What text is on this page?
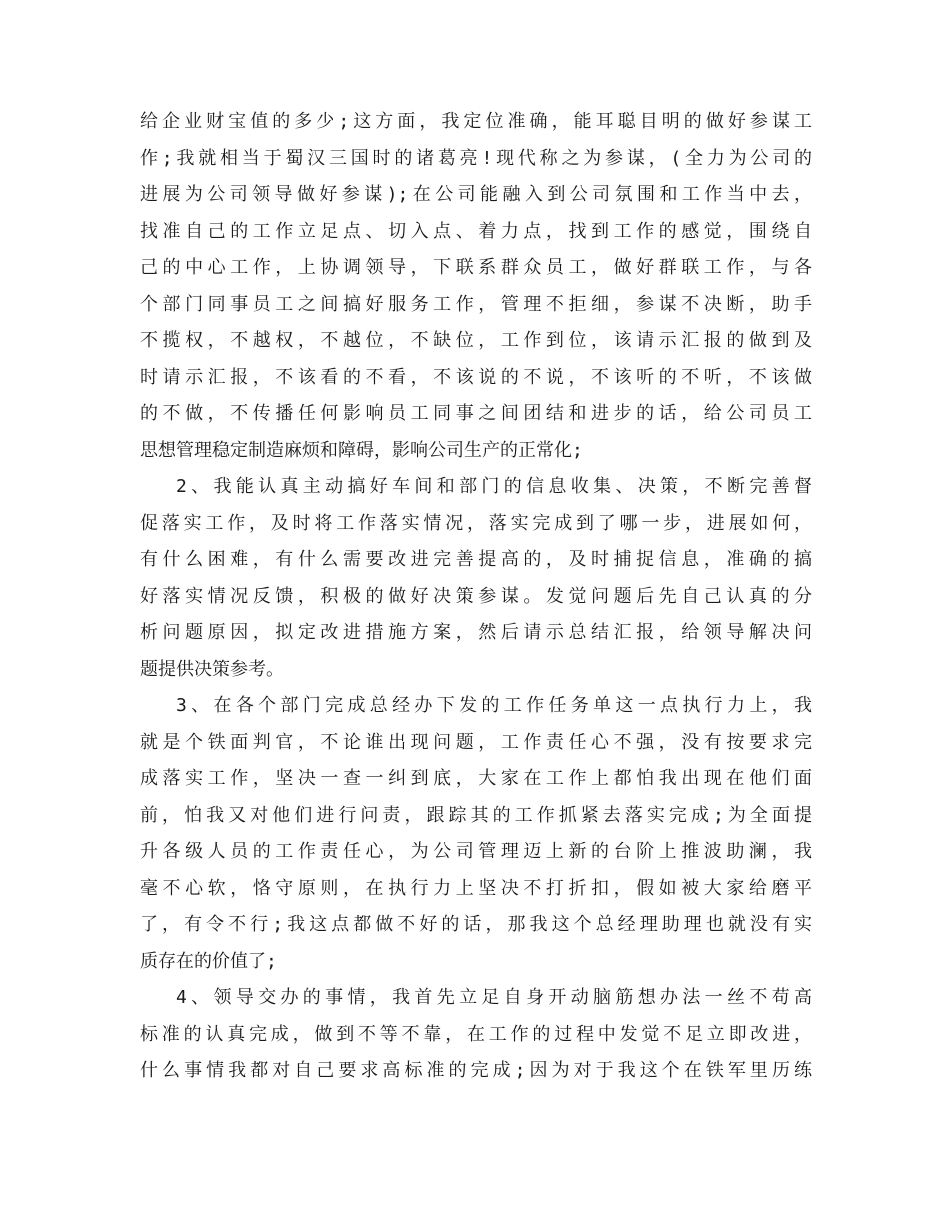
给企业财宝值的多少;这方面，我定位准确，能耳聪目明的做好参谋工
作;我就相当于蜀汉三国时的诸葛亮!现代称之为参谋，(全力为公司的
进展为公司领导做好参谋);在公司能融入到公司氛围和工作当中去，
找准自己的工作立足点、切入点、着力点，找到工作的感觉，围绕自
己的中心工作，上协调领导，下联系群众员工，做好群联工作，与各
个部门同事员工之间搞好服务工作，管理不拒细，参谋不决断，助手
不揽权，不越权，不越位，不缺位，工作到位，该请示汇报的做到及
时请示汇报，不该看的不看，不该说的不说，不该听的不听，不该做
的不做，不传播任何影响员工同事之间团结和进步的话，给公司员工
思想管理稳定制造麻烦和障碍，影响公司生产的正常化;
2、我能认真主动搞好车间和部门的信息收集、决策，不断完善督
促落实工作，及时将工作落实情况，落实完成到了哪一步，进展如何，
有什么困难，有什么需要改进完善提高的，及时捕捉信息，准确的搞
好落实情况反馈，积极的做好决策参谋。发觉问题后先自己认真的分
析问题原因，拟定改进措施方案，然后请示总结汇报，给领导解决问
题提供决策参考。
3、在各个部门完成总经办下发的工作任务单这一点执行力上，我
就是个铁面判官，不论谁出现问题，工作责任心不强，没有按要求完
成落实工作，坚决一查一纠到底，大家在工作上都怕我出现在他们面
前，怕我又对他们进行问责，跟踪其的工作抓紧去落实完成;为全面提
升各级人员的工作责任心，为公司管理迈上新的台阶上推波助澜，我
毫不心软，恪守原则，在执行力上坚决不打折扣，假如被大家给磨平
了，有令不行;我这点都做不好的话，那我这个总经理助理也就没有实
质存在的价值了;
4、领导交办的事情，我首先立足自身开动脑筋想办法一丝不苟高
标准的认真完成，做到不等不靠，在工作的过程中发觉不足立即改进，
什么事情我都对自己要求高标准的完成;因为对于我这个在铁军里历练
